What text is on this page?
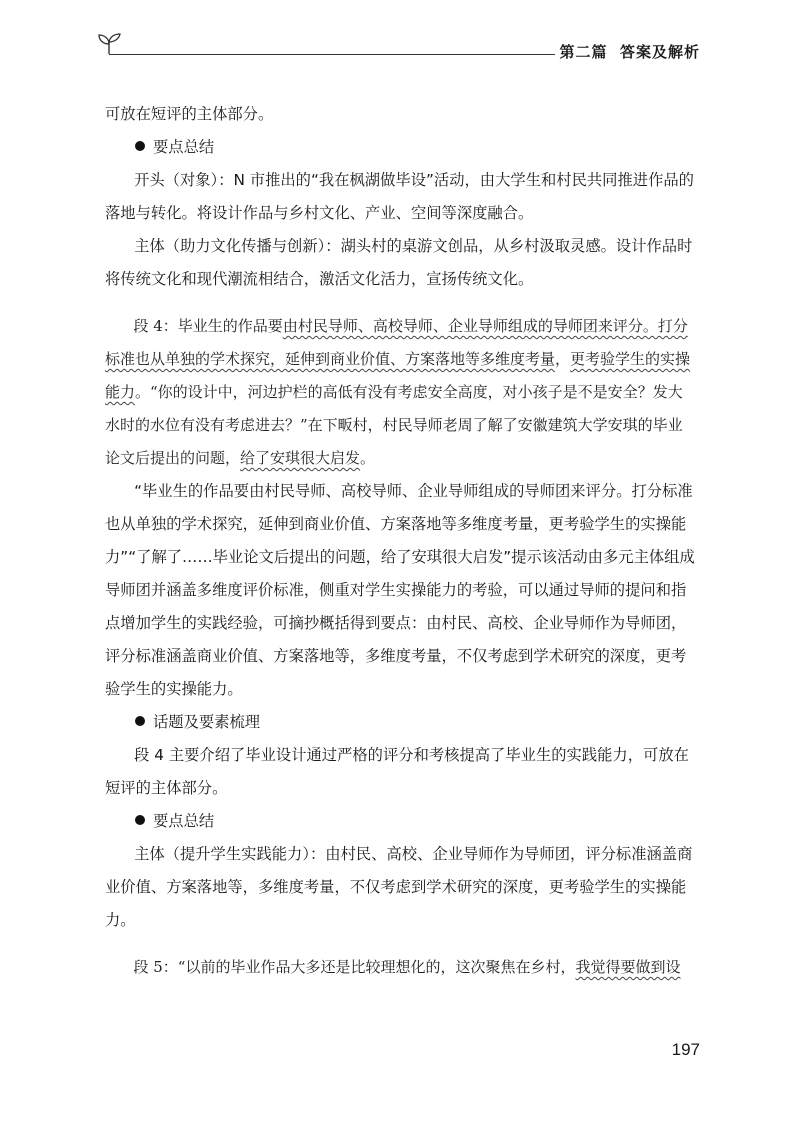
第二篇 答案及解析

可放在短评的主体部分。

要点总结

开头（对象）：N 市推出的“我在枫湖做毕设”活动，由大学生和村民共同推进作品的落地与转化。将设计作品与乡村文化、产业、空间等深度融合。

主体（助力文化传播与创新）：湖头村的桌游文创品，从乡村汲取灵感。设计作品时将传统文化和现代潮流相结合，激活文化活力，宣扬传统文化。

段 4：毕业生的作品要由村民导师、高校导师、企业导师组成的导师团来评分。打分标准也从单独的学术探究，延伸到商业价值、方案落地等多维度考量，更考验学生的实操能力。“你的设计中，河边护栏的高低有没有考虑安全高度，对小孩子是不是安全？发大水时的水位有没有考虑进去？”在下畈村，村民导师老周了解了安徽建筑大学安琪的毕业论文后提出的问题，给了安琪很大启发。

“毕业生的作品要由村民导师、高校导师、企业导师组成的导师团来评分。打分标准也从单独的学术探究，延伸到商业价值、方案落地等多维度考量，更考验学生的实操能力”“了解了……毕业论文后提出的问题，给了安琪很大启发”提示该活动由多元主体组成导师团并涵盖多维度评价标准，侧重对学生实操能力的考验，可以通过导师的提问和指点增加学生的实践经验，可摘抄概括得到要点：由村民、高校、企业导师作为导师团，评分标准涵盖商业价值、方案落地等，多维度考量，不仅考虑到学术研究的深度，更考验学生的实操能力。

话题及要素梳理

段 4 主要介绍了毕业设计通过严格的评分和考核提高了毕业生的实践能力，可放在短评的主体部分。

要点总结

主体（提升学生实践能力）：由村民、高校、企业导师作为导师团，评分标准涵盖商业价值、方案落地等，多维度考量，不仅考虑到学术研究的深度，更考验学生的实操能力。

段 5：“以前的毕业作品大多还是比较理想化的，这次聚焦在乡村，我觉得要做到设

197
